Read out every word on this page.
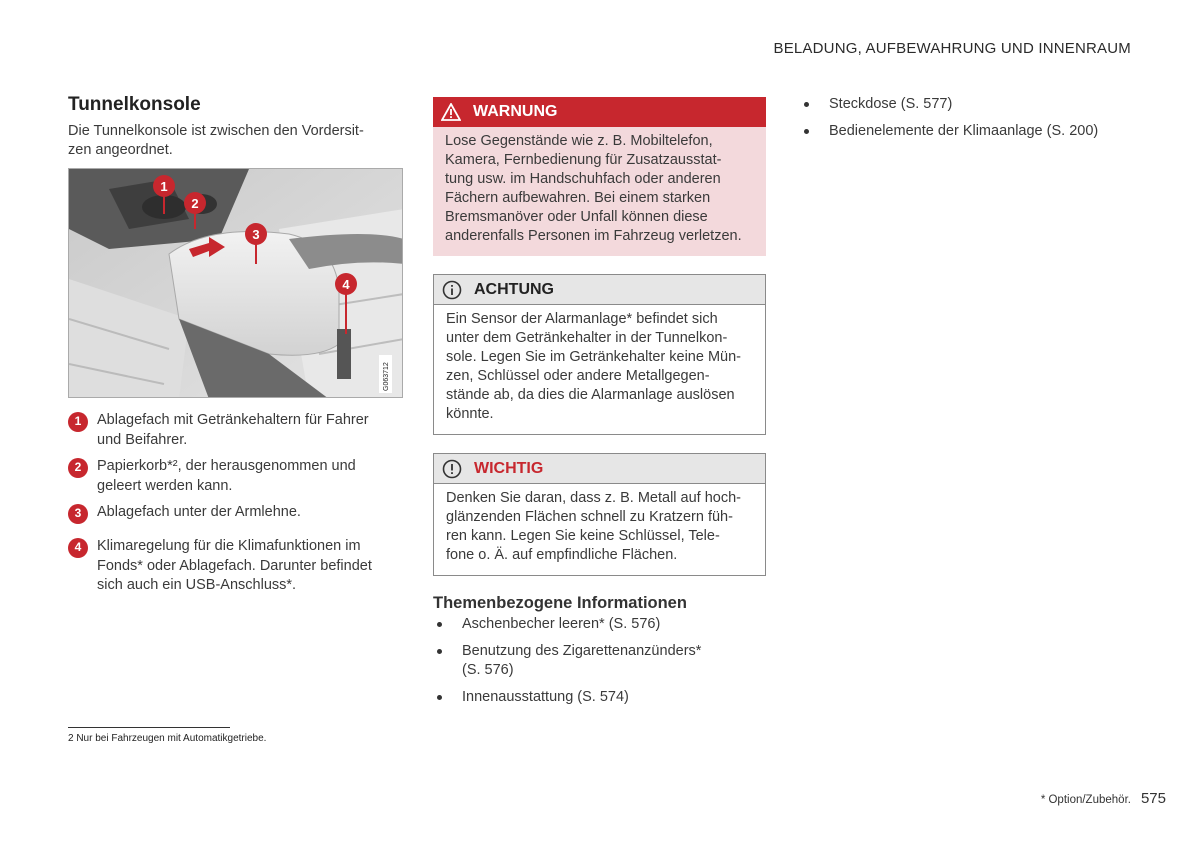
BELADUNG, AUFBEWAHRUNG UND INNENRAUM
Tunnelkonsole
Die Tunnelkonsole ist zwischen den Vordersit-
zen angeordnet.
1
2
3
4
G063712
1	Ablagefach mit Getränkehaltern für Fahrer
und Beifahrer.
2	Papierkorb*², der herausgenommen und
geleert werden kann.
3	Ablagefach unter der Armlehne.
4	Klimaregelung für die Klimafunktionen im
Fonds* oder Ablagefach. Darunter befindet
sich auch ein USB-Anschluss*.
WARNUNG
Lose Gegenstände wie z. B. Mobiltelefon,
Kamera, Fernbedienung für Zusatzausstat-
tung usw. im Handschuhfach oder anderen
Fächern aufbewahren. Bei einem starken
Bremsmanöver oder Unfall können diese
anderenfalls Personen im Fahrzeug verletzen.
ACHTUNG
Ein Sensor der Alarmanlage* befindet sich
unter dem Getränkehalter in der Tunnelkon-
sole. Legen Sie im Getränkehalter keine Mün-
zen, Schlüssel oder andere Metallgegen-
stände ab, da dies die Alarmanlage auslösen
könnte.
WICHTIG
Denken Sie daran, dass z. B. Metall auf hoch-
glänzenden Flächen schnell zu Kratzern füh-
ren kann. Legen Sie keine Schlüssel, Tele-
fone o. Ä. auf empfindliche Flächen.
Themenbezogene Informationen
Aschenbecher leeren* (S. 576)
Benutzung des Zigarettenanzünders*
(S. 576)
Innenausstattung (S. 574)
Steckdose (S. 577)
Bedienelemente der Klimaanlage (S. 200)
2 Nur bei Fahrzeugen mit Automatikgetriebe.
* Option/Zubehör. 575
